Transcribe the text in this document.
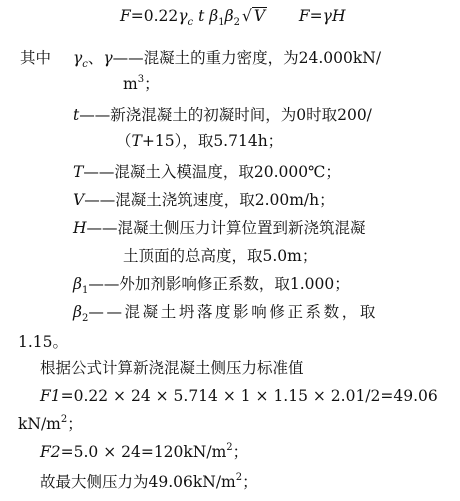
$F=0.22\gamma_c$ t $\beta_1\beta_2$ √ V F=γH
其中 $\gamma_c$、γ——混凝土的重力密度，为24.000kN/
$m^3$；
t——新浇混凝土的初凝时间，为0时取200/
（T+15），取5.714h；
T——混凝土入模温度，取20.000℃；
V——混凝土浇筑速度，取2.00m/h；
H——混凝土侧压力计算位置到新浇筑混凝
土顶面的总高度，取5.0m；
$\beta_1——$外加剂影响修正系数，取1.000；
$\beta_2——$混凝土坍落度影响修正系数，取
1.15。
根据公式计算新浇混凝土侧压力标准值
F1=0.22 × 24 × 5.714 × 1 × 1.15 × 2.01/2=49.06
$kN/m^2$；
$F2=5.0 \times 24=120kN/m^2$；
故最大侧压力为$49.06kN/m^2$；
